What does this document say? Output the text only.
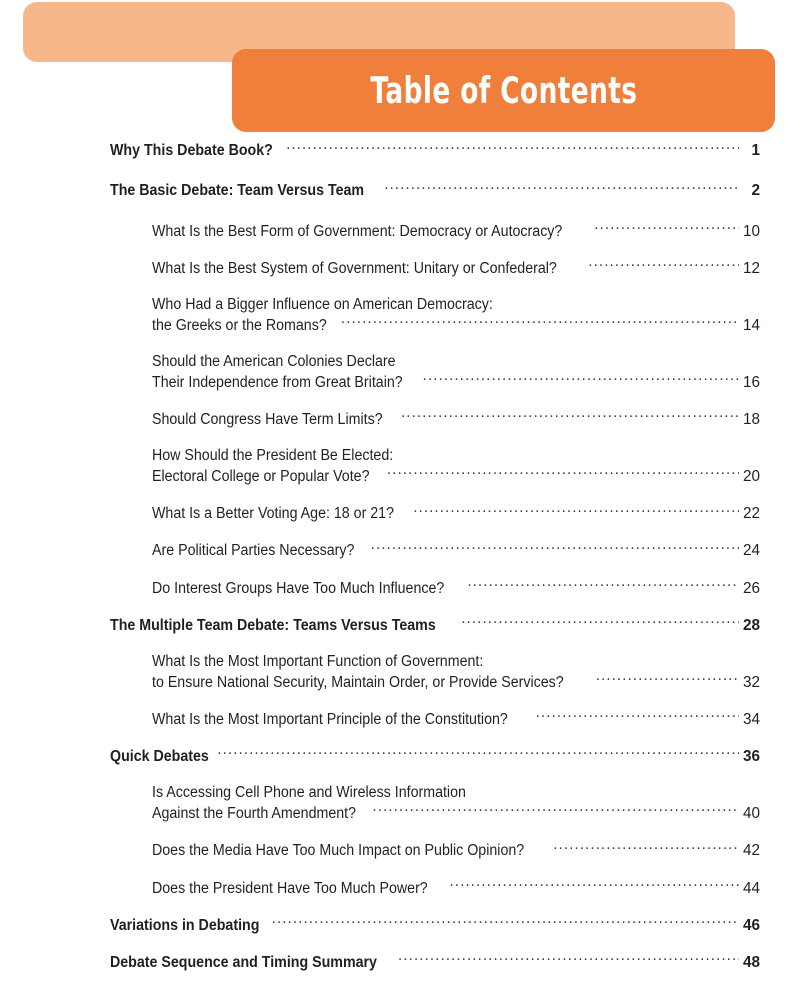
Table of Contents
Why This Debate Book? .....	1
The Basic Debate: Team Versus Team .....	2
What Is the Best Form of Government: Democracy or Autocracy? .....	10
What Is the Best System of Government: Unitary or Confederal? .....	12
Who Had a Bigger Influence on American Democracy:
the Greeks or the Romans? .....	14
Should the American Colonies Declare
Their Independence from Great Britain? .....	16
Should Congress Have Term Limits? .....	18
How Should the President Be Elected:
Electoral College or Popular Vote? .....	20
What Is a Better Voting Age: 18 or 21? .....	22
Are Political Parties Necessary? .....	24
Do Interest Groups Have Too Much Influence? .....	26
The Multiple Team Debate: Teams Versus Teams .....	28
What Is the Most Important Function of Government:
to Ensure National Security, Maintain Order, or Provide Services? .....	32
What Is the Most Important Principle of the Constitution? .....	34
Quick Debates .....	36
Is Accessing Cell Phone and Wireless Information
Against the Fourth Amendment? .....	40
Does the Media Have Too Much Impact on Public Opinion? .....	42
Does the President Have Too Much Power? .....	44
Variations in Debating .....	46
Debate Sequence and Timing Summary .....	48
